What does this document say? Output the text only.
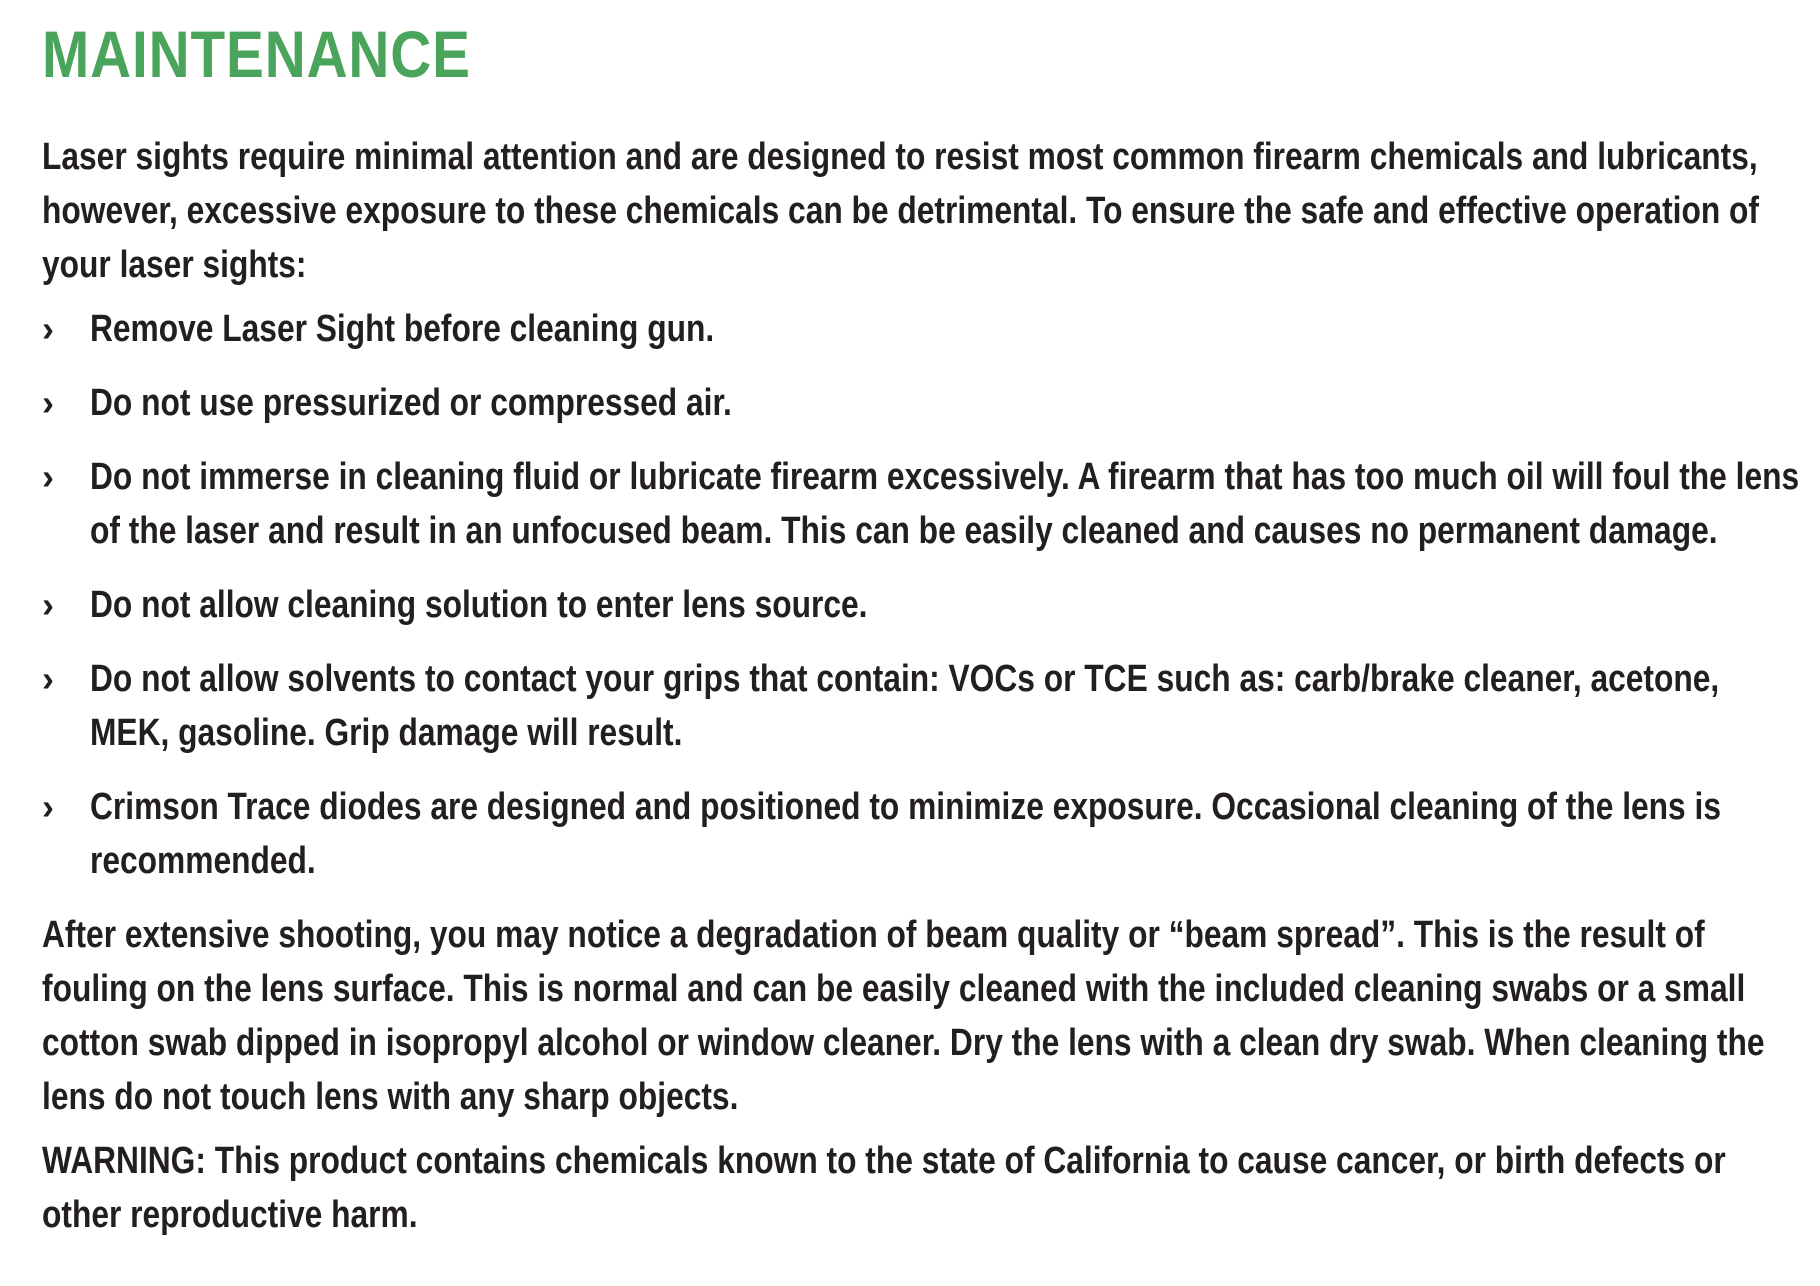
MAINTENANCE
Laser sights require minimal attention and are designed to resist most common firearm chemicals and lubricants, however, excessive exposure to these chemicals can be detrimental. To ensure the safe and effective operation of your laser sights:
› Remove Laser Sight before cleaning gun.
› Do not use pressurized or compressed air.
› Do not immerse in cleaning fluid or lubricate firearm excessively. A firearm that has too much oil will foul the lens of the laser and result in an unfocused beam. This can be easily cleaned and causes no permanent damage.
› Do not allow cleaning solution to enter lens source.
› Do not allow solvents to contact your grips that contain: VOCs or TCE such as: carb/brake cleaner, acetone, MEK, gasoline. Grip damage will result.
› Crimson Trace diodes are designed and positioned to minimize exposure. Occasional cleaning of the lens is recommended.
After extensive shooting, you may notice a degradation of beam quality or “beam spread”. This is the result of fouling on the lens surface. This is normal and can be easily cleaned with the included cleaning swabs or a small cotton swab dipped in isopropyl alcohol or window cleaner. Dry the lens with a clean dry swab. When cleaning the lens do not touch lens with any sharp objects.
WARNING: This product contains chemicals known to the state of California to cause cancer, or birth defects or other reproductive harm.
